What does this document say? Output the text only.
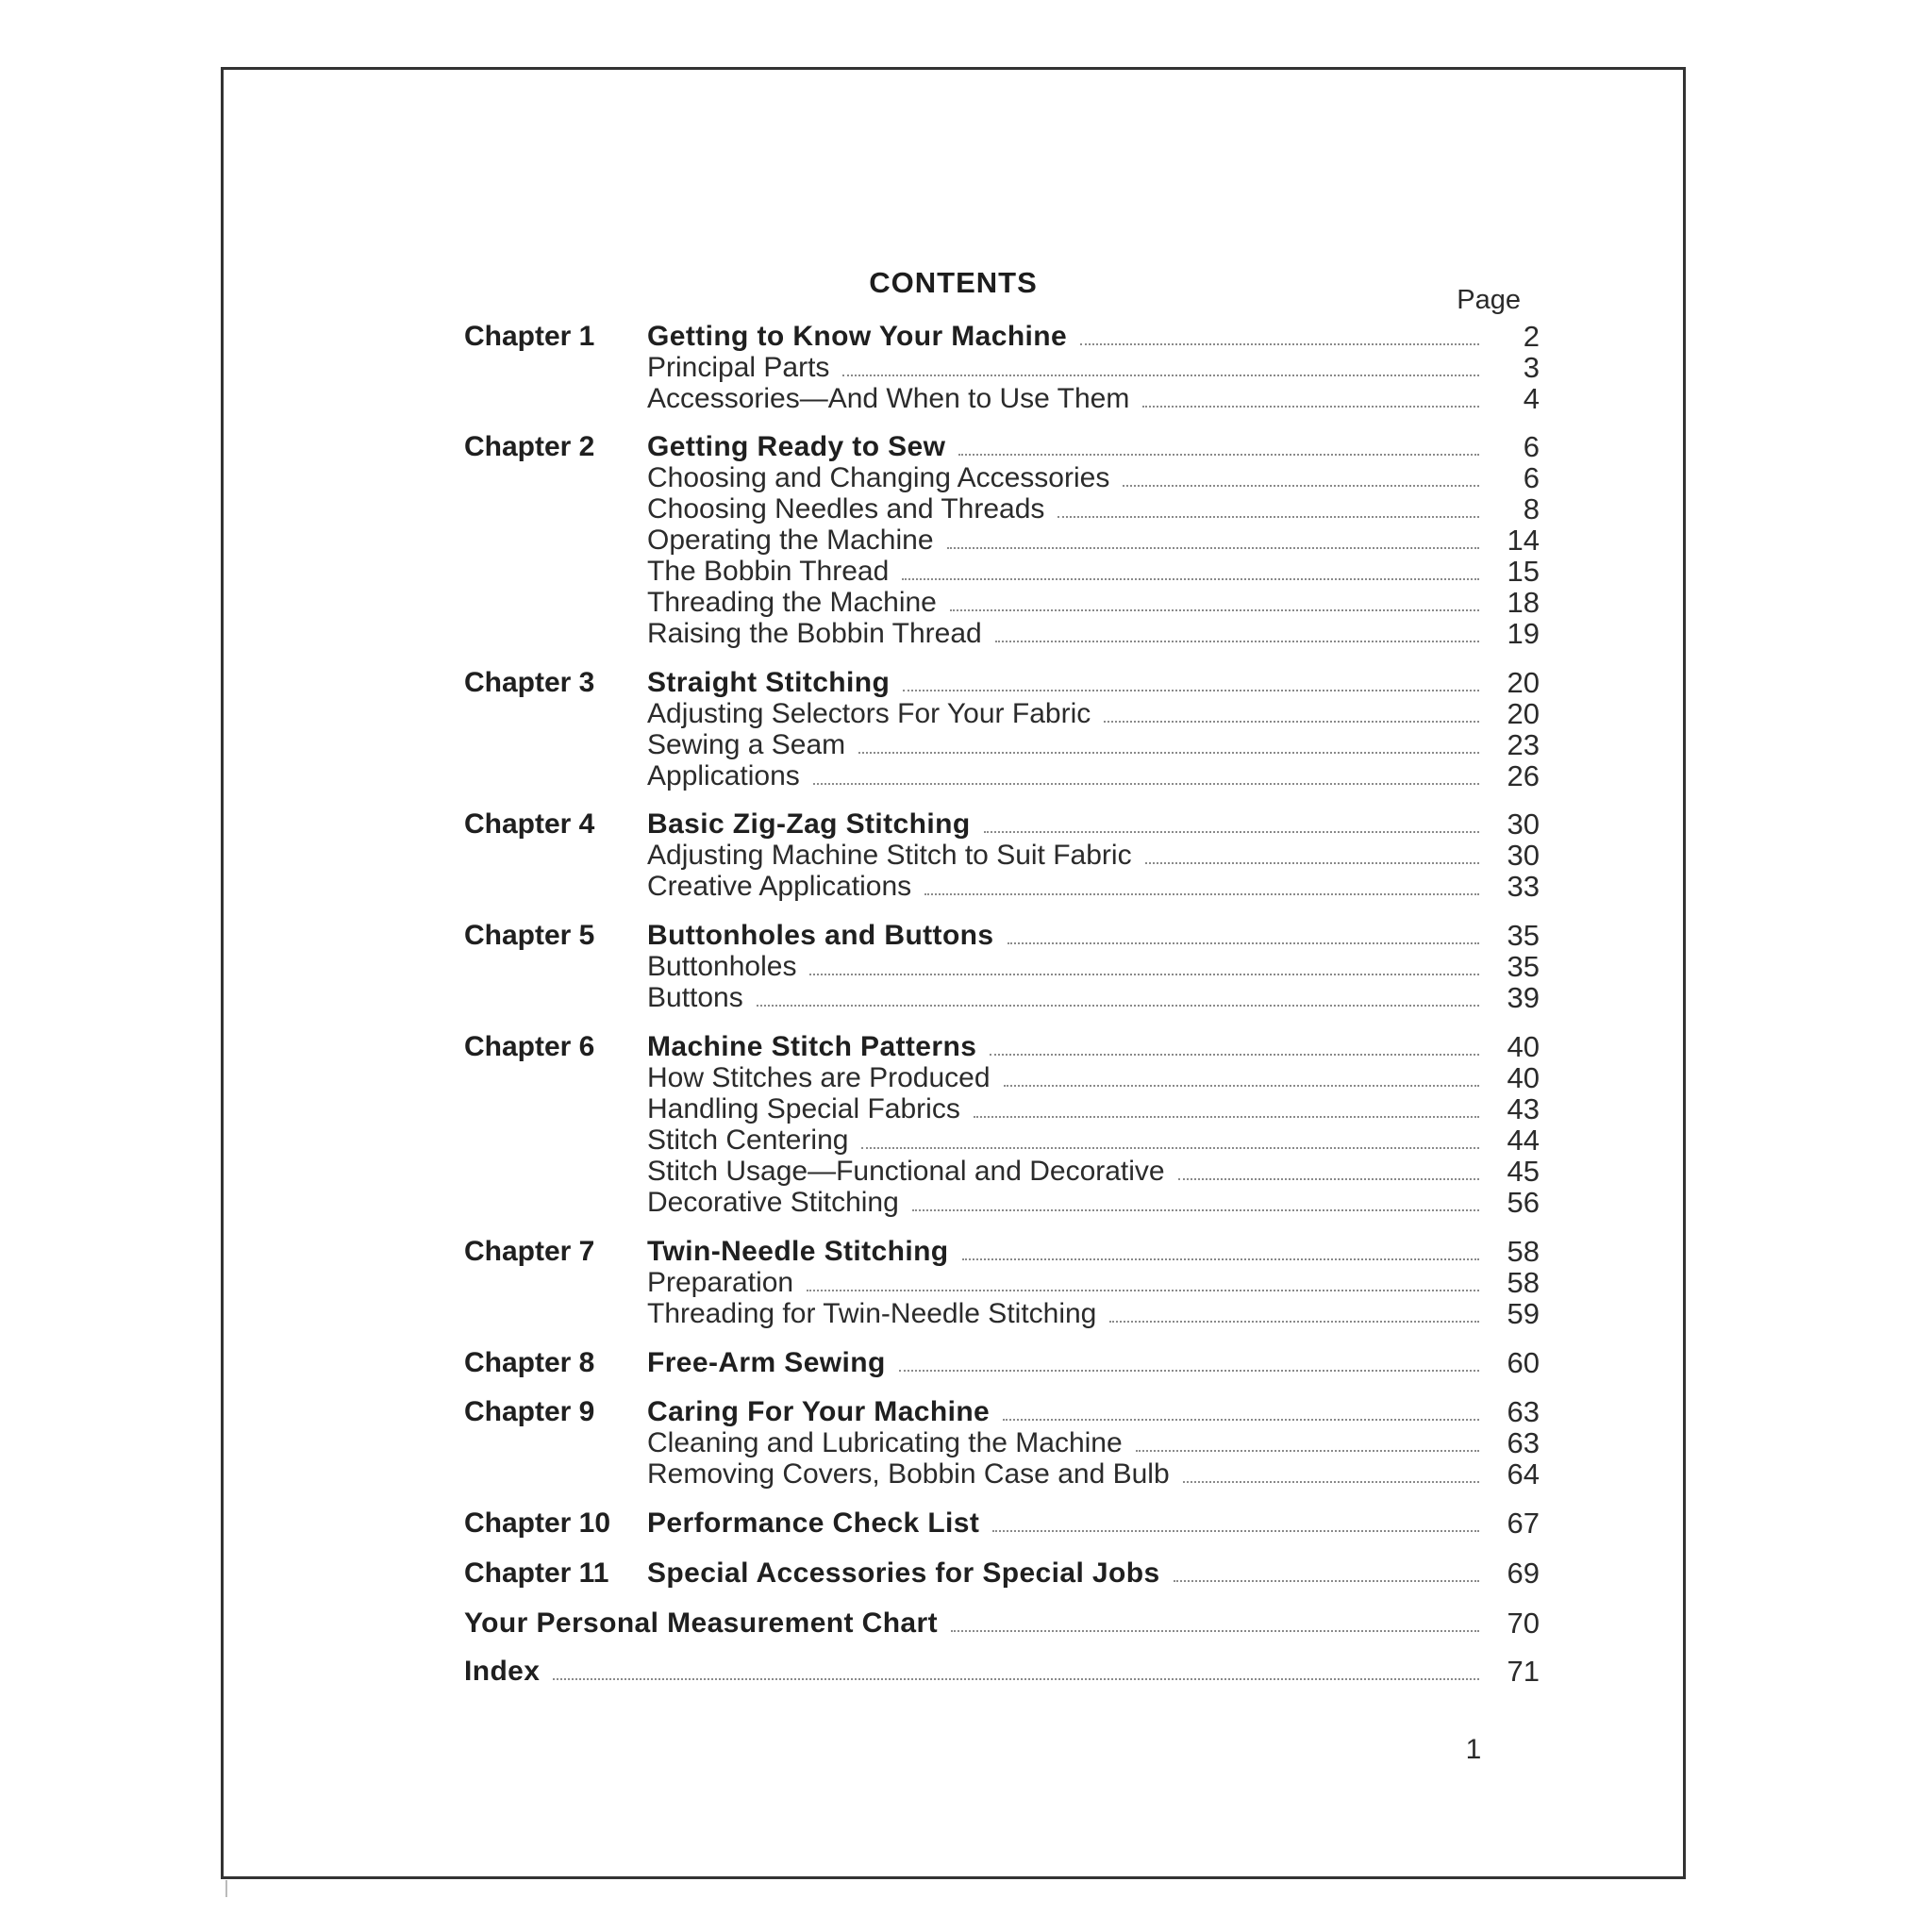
CONTENTS
Page
Chapter 1	Getting to Know Your Machine	2
Principal Parts	3
Accessories—And When to Use Them	4
Chapter 2	Getting Ready to Sew	6
Choosing and Changing Accessories	6
Choosing Needles and Threads	8
Operating the Machine	14
The Bobbin Thread	15
Threading the Machine	18
Raising the Bobbin Thread	19
Chapter 3	Straight Stitching	20
Adjusting Selectors For Your Fabric	20
Sewing a Seam	23
Applications	26
Chapter 4	Basic Zig-Zag Stitching	30
Adjusting Machine Stitch to Suit Fabric	30
Creative Applications	33
Chapter 5	Buttonholes and Buttons	35
Buttonholes	35
Buttons	39
Chapter 6	Machine Stitch Patterns	40
How Stitches are Produced	40
Handling Special Fabrics	43
Stitch Centering	44
Stitch Usage—Functional and Decorative	45
Decorative Stitching	56
Chapter 7	Twin-Needle Stitching	58
Preparation	58
Threading for Twin-Needle Stitching	59
Chapter 8	Free-Arm Sewing	60
Chapter 9	Caring For Your Machine	63
Cleaning and Lubricating the Machine	63
Removing Covers, Bobbin Case and Bulb	64
Chapter 10	Performance Check List	67
Chapter 11	Special Accessories for Special Jobs	69
Your Personal Measurement Chart	70
Index	71
1
